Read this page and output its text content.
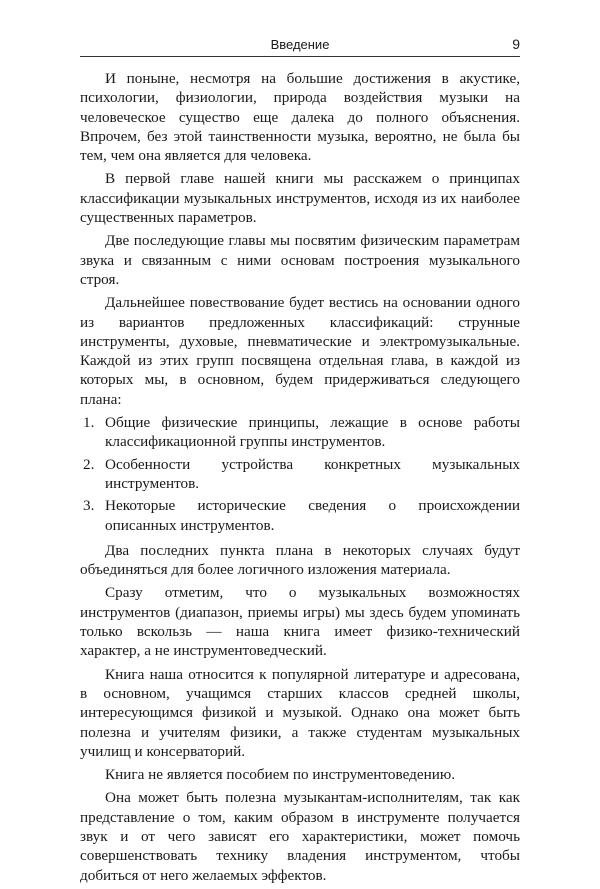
Введение	9

И поныне, несмотря на большие достижения в акустике, психологии, физиологии, природа воздействия музыки на человеческое существо еще далека до полного объяснения. Впрочем, без этой таинственности музыка, вероятно, не была бы тем, чем она является для человека.

В первой главе нашей книги мы расскажем о принципах классификации музыкальных инструментов, исходя из их наиболее существенных параметров.

Две последующие главы мы посвятим физическим параметрам звука и связанным с ними основам построения музыкального строя.

Дальнейшее повествование будет вестись на основании одного из вариантов предложенных классификаций: струнные инструменты, духовые, пневматические и электромузыкальные. Каждой из этих групп посвящена отдельная глава, в каждой из которых мы, в основном, будем придерживаться следующего плана:

1. Общие физические принципы, лежащие в основе работы классификационной группы инструментов.
2. Особенности устройства конкретных музыкальных инструментов.
3. Некоторые исторические сведения о происхождении описанных инструментов.

Два последних пункта плана в некоторых случаях будут объединяться для более логичного изложения материала.

Сразу отметим, что о музыкальных возможностях инструментов (диапазон, приемы игры) мы здесь будем упоминать только вскользь — наша книга имеет физико-технический характер, а не инструментоведческий.

Книга наша относится к популярной литературе и адресована, в основном, учащимся старших классов средней школы, интересующимся физикой и музыкой. Однако она может быть полезна и учителям физики, а также студентам музыкальных училищ и консерваторий.

Книга не является пособием по инструментоведению.

Она может быть полезна музыкантам-исполнителям, так как представление о том, каким образом в инструменте получается звук и от чего зависят его характеристики, может помочь совершенствовать технику владения инструментом, чтобы добиться от него желаемых эффектов.
